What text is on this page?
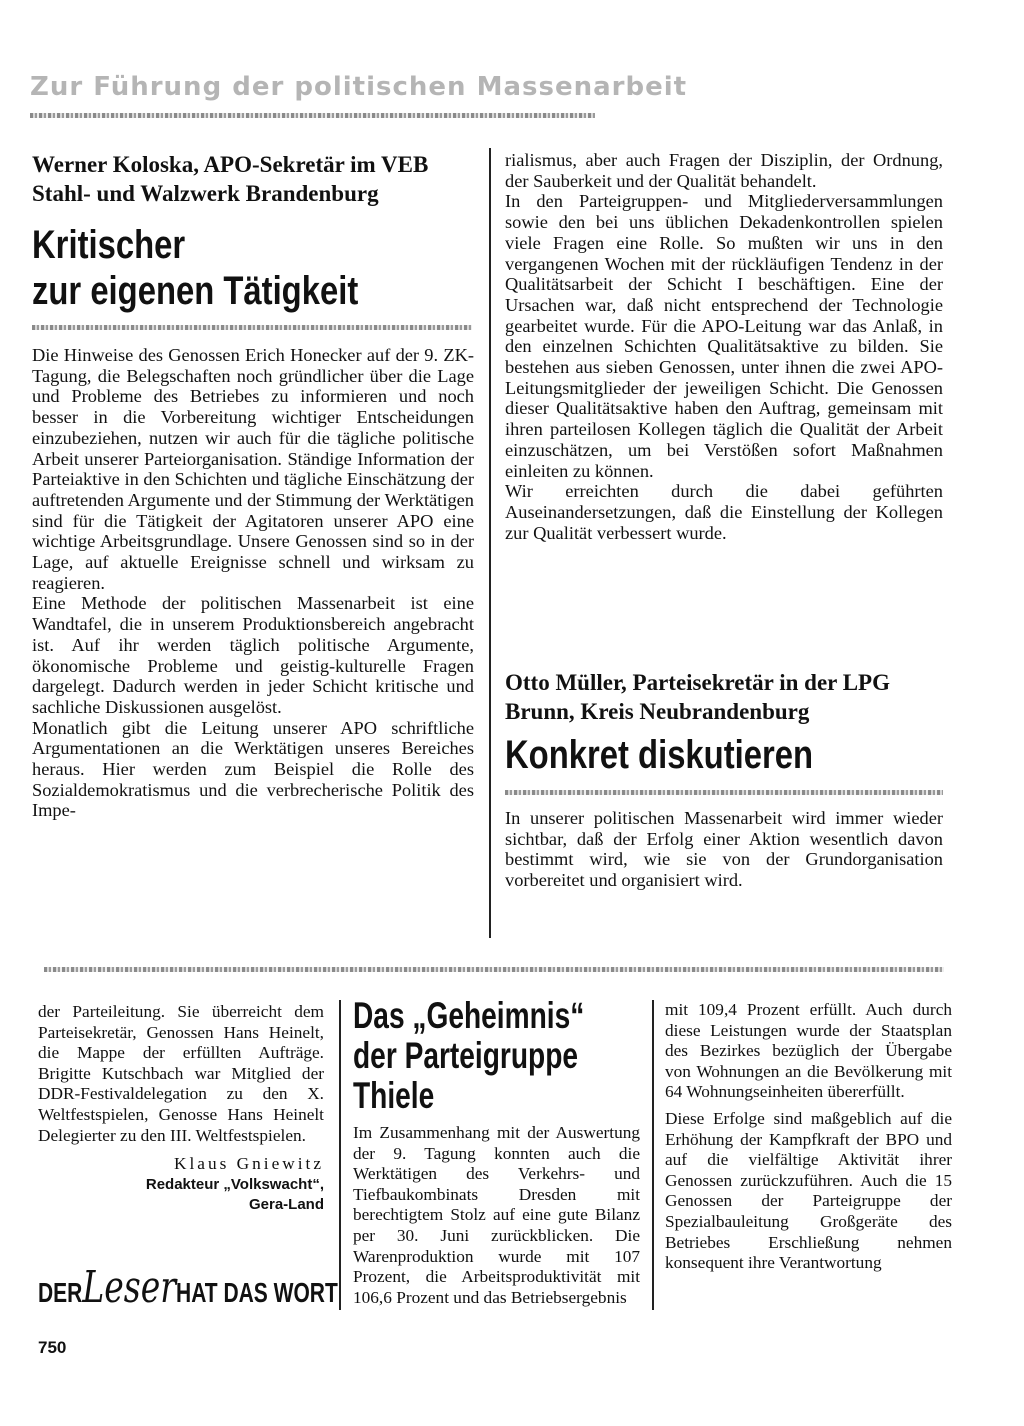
Zur Führung der politischen Massenarbeit
Werner Koloska, APO-Sekretär im VEB Stahl- und Walzwerk Brandenburg
Kritischer
zur eigenen Tätigkeit

Die Hinweise des Genossen Erich Honecker auf der 9. ZK-Tagung, die Belegschaften noch gründlicher über die Lage und Probleme des Betriebes zu informieren und noch besser in die Vorbereitung wichtiger Entscheidungen einzubeziehen, nutzen wir auch für die tägliche politische Arbeit unserer Parteiorganisation. Ständige Information der Parteiaktive in den Schichten und tägliche Einschätzung der auftretenden Argumente und der Stimmung der Werktätigen sind für die Tätigkeit der Agitatoren unserer APO eine wichtige Arbeitsgrundlage. Unsere Genossen sind so in der Lage, auf aktuelle Ereignisse schnell und wirksam zu reagieren.

Eine Methode der politischen Massenarbeit ist eine Wandtafel, die in unserem Produktionsbereich angebracht ist. Auf ihr werden täglich politische Argumente, ökonomische Probleme und geistig-kulturelle Fragen dargelegt. Dadurch werden in jeder Schicht kritische und sachliche Diskussionen ausgelöst.

Monatlich gibt die Leitung unserer APO schriftliche Argumentationen an die Werktätigen unseres Bereiches heraus. Hier werden zum Beispiel die Rolle des Sozialdemokratismus und die verbrecherische Politik des Impe-

rialismus, aber auch Fragen der Disziplin, der Ordnung, der Sauberkeit und der Qualität behandelt.

In den Parteigruppen- und Mitgliederversammlungen sowie den bei uns üblichen Dekadenkontrollen spielen viele Fragen eine Rolle. So mußten wir uns in den vergangenen Wochen mit der rückläufigen Tendenz in der Qualitätsarbeit der Schicht I beschäftigen. Eine der Ursachen war, daß nicht entsprechend der Technologie gearbeitet wurde. Für die APO-Leitung war das Anlaß, in den einzelnen Schichten Qualitätsaktive zu bilden. Sie bestehen aus sieben Genossen, unter ihnen die zwei APO-Leitungsmitglieder der jeweiligen Schicht. Die Genossen dieser Qualitätsaktive haben den Auftrag, gemeinsam mit ihren parteilosen Kollegen täglich die Qualität der Arbeit einzuschätzen, um bei Verstößen sofort Maßnahmen einleiten zu können.

Wir erreichten durch die dabei geführten Auseinandersetzungen, daß die Einstellung der Kollegen zur Qualität verbessert wurde.

Otto Müller, Parteisekretär in der LPG Brunn, Kreis Neubrandenburg
Konkret diskutieren

In unserer politischen Massenarbeit wird immer wieder sichtbar, daß der Erfolg einer Aktion wesentlich davon bestimmt wird, wie sie von der Grundorganisation vorbereitet und organisiert wird.

der Parteileitung. Sie überreicht dem Parteisekretär, Genossen Hans Heinelt, die Mappe der erfüllten Aufträge. Brigitte Kutschbach war Mitglied der DDR-Festivaldelegation zu den X. Weltfestspielen, Genosse Hans Heinelt Delegierter zu den III. Weltfestspielen.

Klaus Gniewitz
Redakteur „Volkswacht“,
Gera-Land
DERLeserHAT DAS WORT
750
Das „Geheimnis“
der Parteigruppe
Thiele

Im Zusammenhang mit der Auswertung der 9. Tagung konnten auch die Werktätigen des Verkehrs- und Tiefbaukombinats Dresden mit berechtigtem Stolz auf eine gute Bilanz per 30. Juni zurückblicken. Die Warenproduktion wurde mit 107 Prozent, die Arbeitsproduktivität mit 106,6 Prozent und das Betriebsergebnis

mit 109,4 Prozent erfüllt. Auch durch diese Leistungen wurde der Staatsplan des Bezirkes bezüglich der Übergabe von Wohnungen an die Bevölkerung mit 64 Wohnungseinheiten übererfüllt.

Diese Erfolge sind maßgeblich auf die Erhöhung der Kampfkraft der BPO und auf die vielfältige Aktivität ihrer Genossen zurückzuführen. Auch die 15 Genossen der Parteigruppe der Spezialbauleitung Großgeräte des Betriebes Erschließung nehmen konsequent ihre Verantwortung
